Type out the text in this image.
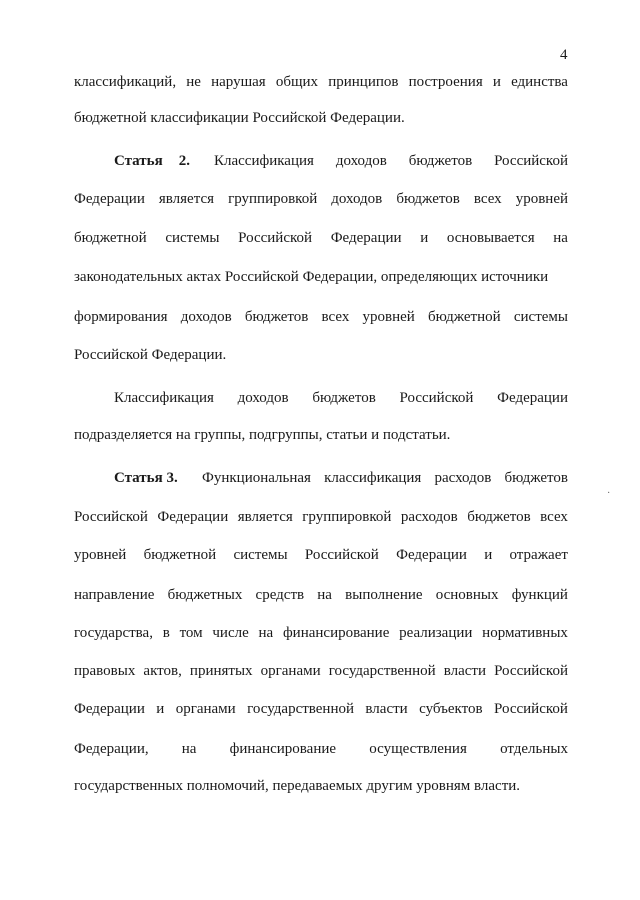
4
·
классификаций, не нарушая общих принципов построения и единства
бюджетной классификации Российской Федерации.
Статья 2. Классификация доходов бюджетов Российской
Федерации является группировкой доходов бюджетов всех уровней
бюджетной системы Российской Федерации и основывается на
законодательных актах Российской Федерации, определяющих источники
формирования доходов бюджетов всех уровней бюджетной системы
Российской Федерации.
Классификация доходов бюджетов Российской Федерации
подразделяется на группы, подгруппы, статьи и подстатьи.
Статья 3. Функциональная классификация расходов бюджетов
Российской Федерации является группировкой расходов бюджетов всех
уровней бюджетной системы Российской Федерации и отражает
направление бюджетных средств на выполнение основных функций
государства, в том числе на финансирование реализации нормативных
правовых актов, принятых органами государственной власти Российской
Федерации и органами государственной власти субъектов Российской
Федерации, на финансирование осуществления отдельных
государственных полномочий, передаваемых другим уровням власти.
